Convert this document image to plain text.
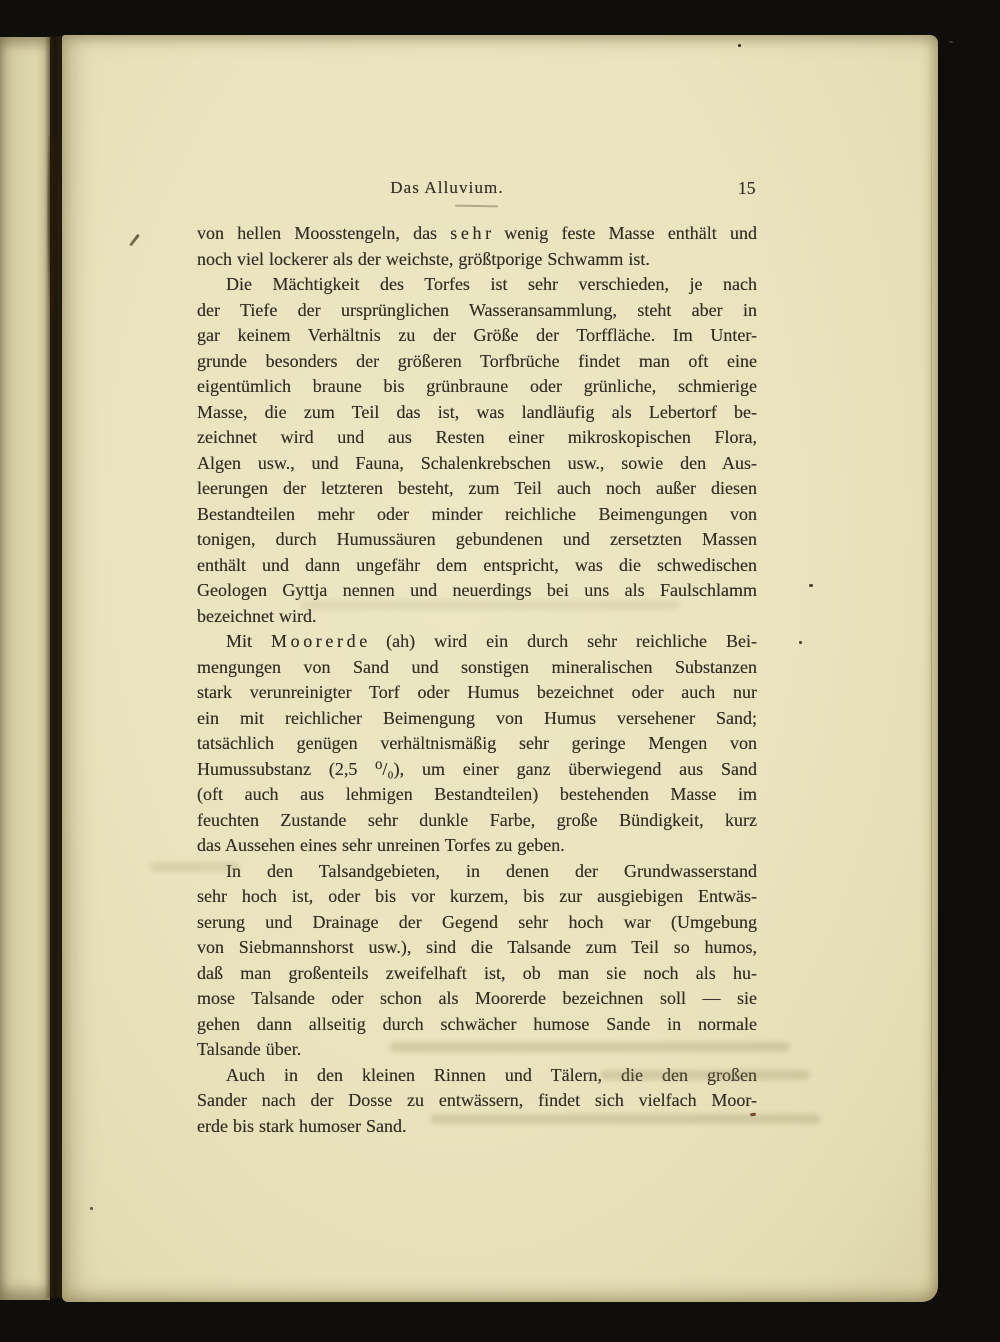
Das Alluvium.	15
von hellen Moosstengeln, das s e h r wenig feste Masse enthält und
noch viel lockerer als der weichste, größtporige Schwamm ist.
Die Mächtigkeit des Torfes ist sehr verschieden, je nach
der Tiefe der ursprünglichen Wasseransammlung, steht aber in
gar keinem Verhältnis zu der Größe der Torffläche. Im Unter-
grunde besonders der größeren Torfbrüche findet man oft eine
eigentümlich braune bis grünbraune oder grünliche, schmierige
Masse, die zum Teil das ist, was landläufig als Lebertorf be-
zeichnet wird und aus Resten einer mikroskopischen Flora,
Algen usw., und Fauna, Schalenkrebschen usw., sowie den Aus-
leerungen der letzteren besteht, zum Teil auch noch außer diesen
Bestandteilen mehr oder minder reichliche Beimengungen von
tonigen, durch Humussäuren gebundenen und zersetzten Massen
enthält und dann ungefähr dem entspricht, was die schwedischen
Geologen Gyttja nennen und neuerdings bei uns als Faulschlamm
bezeichnet wird.
Mit M o o r e r d e (ah) wird ein durch sehr reichliche Bei-
mengungen von Sand und sonstigen mineralischen Substanzen
stark verunreinigter Torf oder Humus bezeichnet oder auch nur
ein mit reichlicher Beimengung von Humus versehener Sand;
tatsächlich genügen verhältnismäßig sehr geringe Mengen von
Humussubstanz (2,5 ⁰/₀), um einer ganz überwiegend aus Sand
(oft auch aus lehmigen Bestandteilen) bestehenden Masse im
feuchten Zustande sehr dunkle Farbe, große Bündigkeit, kurz
das Aussehen eines sehr unreinen Torfes zu geben.
In den Talsandgebieten, in denen der Grundwasserstand
sehr hoch ist, oder bis vor kurzem, bis zur ausgiebigen Entwäs-
serung und Drainage der Gegend sehr hoch war (Umgebung
von Siebmannshorst usw.), sind die Talsande zum Teil so humos,
daß man großenteils zweifelhaft ist, ob man sie noch als hu-
mose Talsande oder schon als Moorerde bezeichnen soll — sie
gehen dann allseitig durch schwächer humose Sande in normale
Talsande über.
Auch in den kleinen Rinnen und Tälern, die den großen
Sander nach der Dosse zu entwässern, findet sich vielfach Moor-
erde bis stark humoser Sand.
